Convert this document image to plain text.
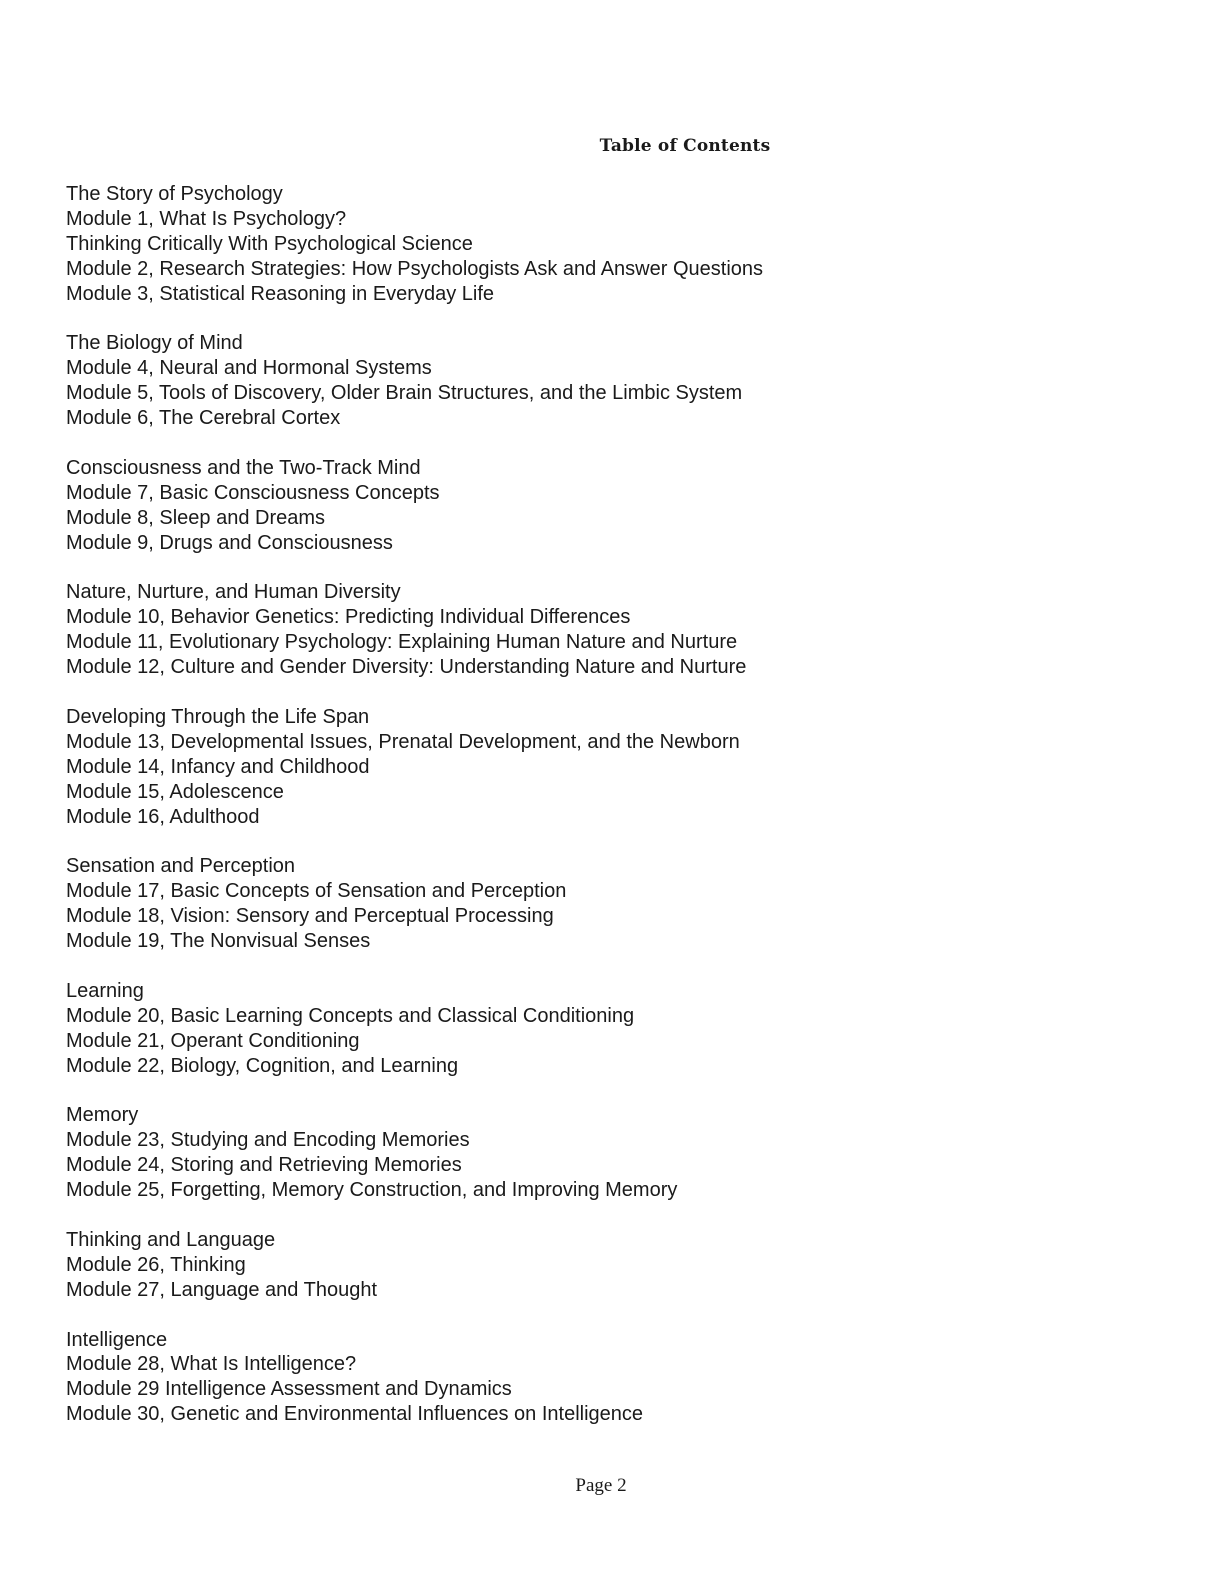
Table of Contents
The Story of Psychology
Module 1, What Is Psychology?
Thinking Critically With Psychological Science
Module 2, Research Strategies: How Psychologists Ask and Answer Questions
Module 3, Statistical Reasoning in Everyday Life
The Biology of Mind
Module 4, Neural and Hormonal Systems
Module 5, Tools of Discovery, Older Brain Structures, and the Limbic System
Module 6, The Cerebral Cortex
Consciousness and the Two-Track Mind
Module 7, Basic Consciousness Concepts
Module 8, Sleep and Dreams
Module 9, Drugs and Consciousness
Nature, Nurture, and Human Diversity
Module 10, Behavior Genetics: Predicting Individual Differences
Module 11, Evolutionary Psychology: Explaining Human Nature and Nurture
Module 12, Culture and Gender Diversity: Understanding Nature and Nurture
Developing Through the Life Span
Module 13, Developmental Issues, Prenatal Development, and the Newborn
Module 14, Infancy and Childhood
Module 15, Adolescence
Module 16, Adulthood
Sensation and Perception
Module 17, Basic Concepts of Sensation and Perception
Module 18, Vision: Sensory and Perceptual Processing
Module 19, The Nonvisual Senses
Learning
Module 20, Basic Learning Concepts and Classical Conditioning
Module 21, Operant Conditioning
Module 22, Biology, Cognition, and Learning
Memory
Module 23, Studying and Encoding Memories
Module 24, Storing and Retrieving Memories
Module 25, Forgetting, Memory Construction, and Improving Memory
Thinking and Language
Module 26, Thinking
Module 27, Language and Thought
Intelligence
Module 28, What Is Intelligence?
Module 29 Intelligence Assessment and Dynamics
Module 30, Genetic and Environmental Influences on Intelligence
Page 2
